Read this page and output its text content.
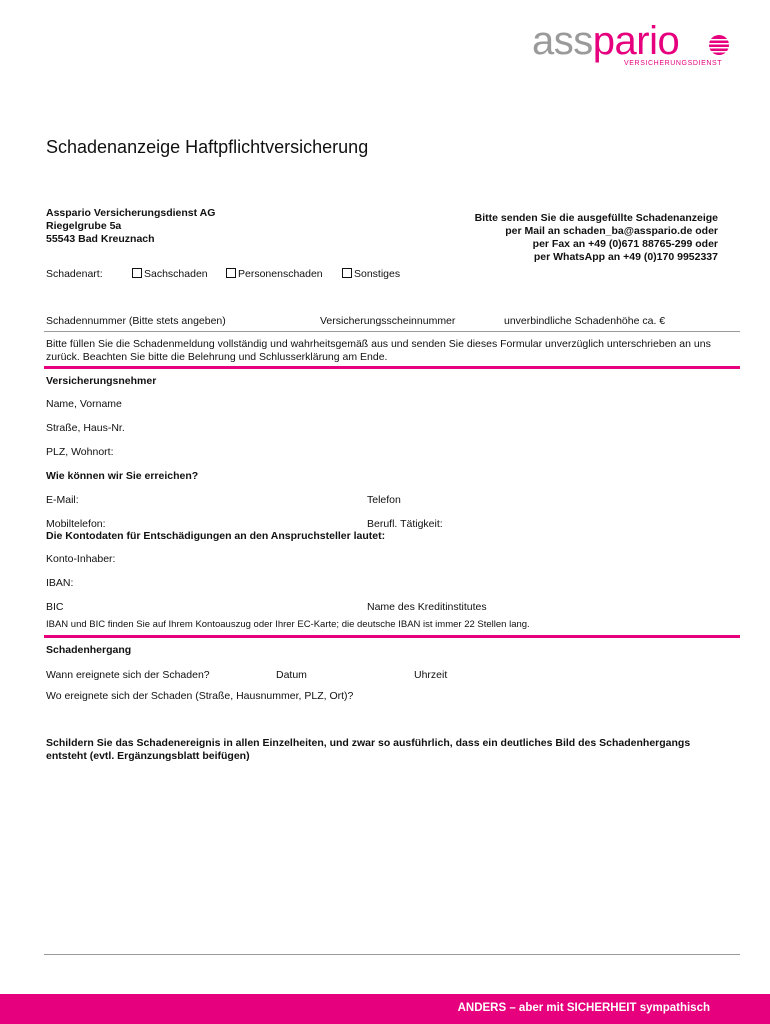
asspario
VERSICHERUNGSDIENST
Schadenanzeige Haftpflichtversicherung
Asspario Versicherungsdienst AG
Riegelgrube 5a
55543 Bad Kreuznach
Bitte senden Sie die ausgefüllte Schadenanzeige
per Mail an schaden_ba@asspario.de oder
per Fax an +49 (0)671 88765-299 oder
per WhatsApp an +49 (0)170 9952337
Schadenart:	Sachschaden	Personenschaden	Sonstiges
Schadennummer (Bitte stets angeben)	Versicherungsscheinnummer	unverbindliche Schadenhöhe ca. €
Bitte füllen Sie die Schadenmeldung vollständig und wahrheitsgemäß aus und senden Sie dieses Formular unverzüglich unterschrieben an uns zurück. Beachten Sie bitte die Belehrung und Schlusserklärung am Ende.
Versicherungsnehmer
Name, Vorname
Straße, Haus-Nr.
PLZ, Wohnort:
Wie können wir Sie erreichen?
E-Mail:	Telefon
Mobiltelefon:	Berufl. Tätigkeit:
Die Kontodaten für Entschädigungen an den Anspruchsteller lautet:
Konto-Inhaber:
IBAN:
BIC	Name des Kreditinstitutes
IBAN und BIC finden Sie auf Ihrem Kontoauszug oder Ihrer EC-Karte; die deutsche IBAN ist immer 22 Stellen lang.
Schadenhergang
Wann ereignete sich der Schaden?	Datum	Uhrzeit
Wo ereignete sich der Schaden (Straße, Hausnummer, PLZ, Ort)?
Schildern Sie das Schadenereignis in allen Einzelheiten, und zwar so ausführlich, dass ein deutliches Bild des Schadenhergangs entsteht (evtl. Ergänzungsblatt beifügen)
ANDERS – aber mit SICHERHEIT sympathisch
